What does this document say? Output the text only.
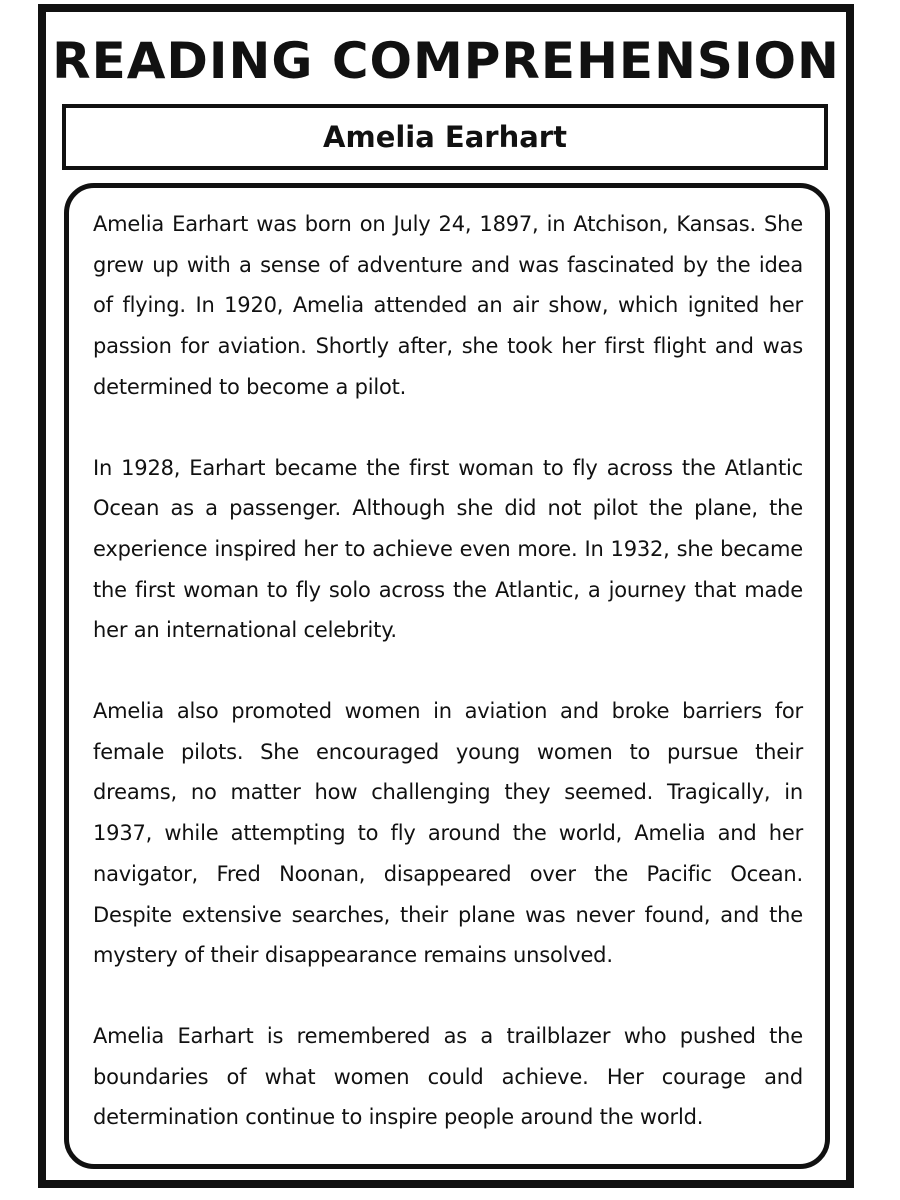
READING COMPREHENSION
Amelia Earhart

Amelia Earhart was born on July 24, 1897, in Atchison, Kansas. She grew up with a sense of adventure and was fascinated by the idea of flying. In 1920, Amelia attended an air show, which ignited her passion for aviation. Shortly after, she took her first flight and was determined to become a pilot.

In 1928, Earhart became the first woman to fly across the Atlantic Ocean as a passenger. Although she did not pilot the plane, the experience inspired her to achieve even more. In 1932, she became the first woman to fly solo across the Atlantic, a journey that made her an international celebrity.

Amelia also promoted women in aviation and broke barriers for female pilots. She encouraged young women to pursue their dreams, no matter how challenging they seemed. Tragically, in 1937, while attempting to fly around the world, Amelia and her navigator, Fred Noonan, disappeared over the Pacific Ocean. Despite extensive searches, their plane was never found, and the mystery of their disappearance remains unsolved.

Amelia Earhart is remembered as a trailblazer who pushed the boundaries of what women could achieve. Her courage and determination continue to inspire people around the world.
